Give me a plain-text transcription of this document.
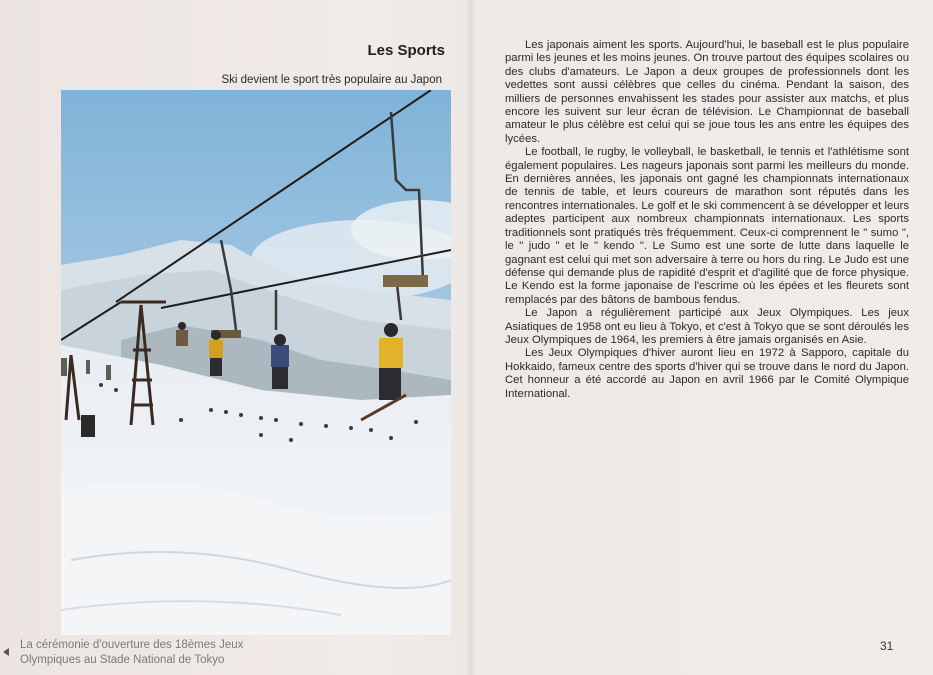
Les Sports
Ski devient le sport très populaire au Japon

La cérémonie d'ouverture des 18èmes Jeux

Olympiques au Stade National de Tokyo

Les japonais aiment les sports. Aujourd'hui, le baseball est le plus populaire parmi les jeunes et les moins jeunes. On trouve partout des équipes scolaires ou des clubs d'amateurs. Le Japon a deux groupes de professionnels dont les vedettes sont aussi célèbres que celles du cinéma. Pendant la saison, des milliers de personnes envahissent les stades pour assister aux matchs, et plus encore les suivent sur leur écran de télévision. Le Championnat de baseball amateur le plus célèbre est celui qui se joue tous les ans entre les équipes des lycées.

Le football, le rugby, le volleyball, le basketball, le tennis et l'athlétisme sont également populaires. Les nageurs japonais sont parmi les meilleurs du monde. En dernières années, les japonais ont gagné les championnats internationaux de tennis de table, et leurs coureurs de marathon sont réputés dans les rencontres internationales. Le golf et le ski commencent à se développer et leurs adeptes participent aux nombreux championnats internationaux. Les sports traditionnels sont pratiqués très fréquemment. Ceux-ci comprennent le " sumo ", le " judo " et le " kendo ". Le Sumo est une sorte de lutte dans laquelle le gagnant est celui qui met son adversaire à terre ou hors du ring. Le Judo est une défense qui demande plus de rapidité d'esprit et d'agilité que de force physique. Le Kendo est la forme japonaise de l'escrime où les épées et les fleurets sont remplacés par des bâtons de bambous fendus.

Le Japon a régulièrement participé aux Jeux Olympiques. Les jeux Asiatiques de 1958 ont eu lieu à Tokyo, et c'est à Tokyo que se sont déroulés les Jeux Olympiques de 1964, les premiers à être jamais organisés en Asie.

Les Jeux Olympiques d'hiver auront lieu en 1972 à Sapporo, capitale du Hokkaido, fameux centre des sports d'hiver qui se trouve dans le nord du Japon. Cet honneur a été accordé au Japon en avril 1966 par le Comité Olympique International.

31
